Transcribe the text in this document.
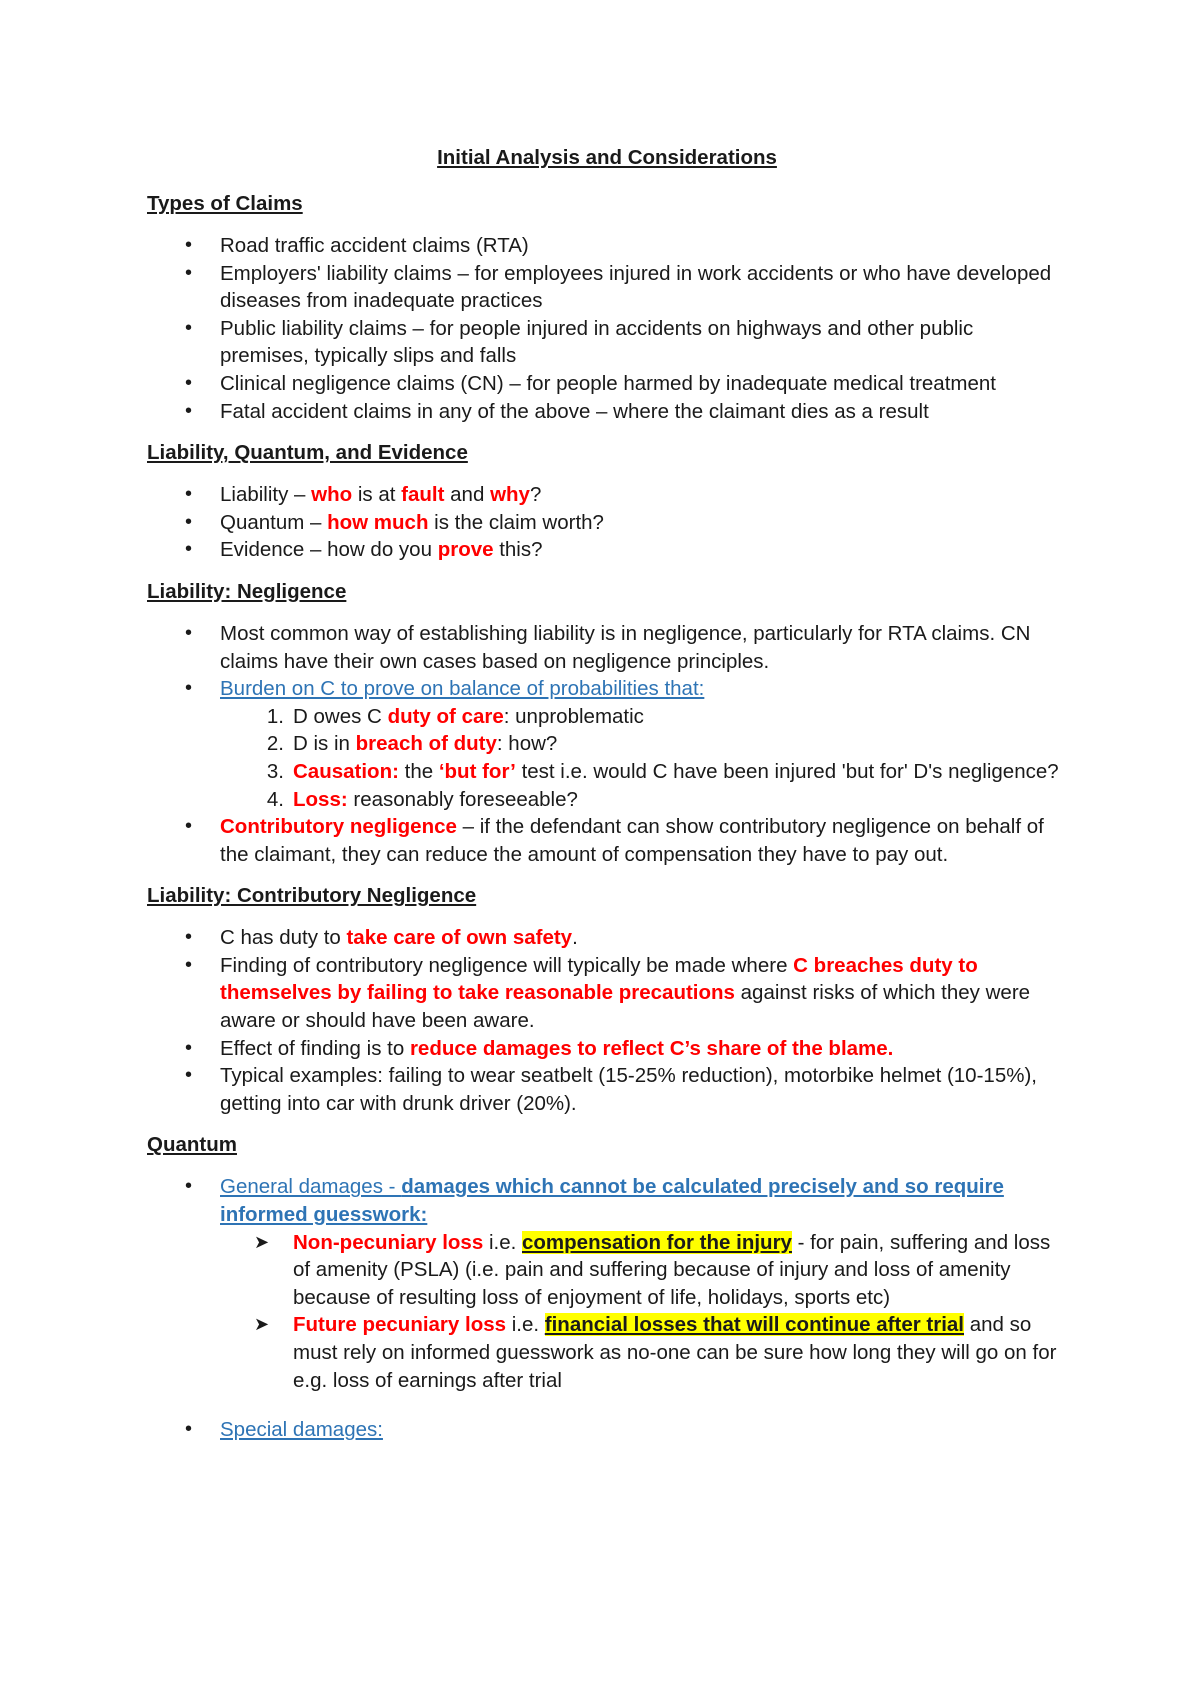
Initial Analysis and Considerations
Types of Claims
• Road traffic accident claims (RTA)
• Employers' liability claims – for employees injured in work accidents or who have developed diseases from inadequate practices
• Public liability claims – for people injured in accidents on highways and other public premises, typically slips and falls
• Clinical negligence claims (CN) – for people harmed by inadequate medical treatment
• Fatal accident claims in any of the above – where the claimant dies as a result
Liability, Quantum, and Evidence
• Liability – who is at fault and why?
• Quantum – how much is the claim worth?
• Evidence – how do you prove this?
Liability: Negligence
• Most common way of establishing liability is in negligence, particularly for RTA claims. CN claims have their own cases based on negligence principles.
• Burden on C to prove on balance of probabilities that:
1. D owes C duty of care: unproblematic
2. D is in breach of duty: how?
3. Causation: the ‘but for’ test i.e. would C have been injured 'but for' D's negligence?
4. Loss: reasonably foreseeable?
• Contributory negligence – if the defendant can show contributory negligence on behalf of the claimant, they can reduce the amount of compensation they have to pay out.
Liability: Contributory Negligence
• C has duty to take care of own safety.
• Finding of contributory negligence will typically be made where C breaches duty to themselves by failing to take reasonable precautions against risks of which they were aware or should have been aware.
• Effect of finding is to reduce damages to reflect C’s share of the blame.
• Typical examples: failing to wear seatbelt (15-25% reduction), motorbike helmet (10-15%), getting into car with drunk driver (20%).
Quantum
• General damages - damages which cannot be calculated precisely and so require informed guesswork:
➤ Non-pecuniary loss i.e. compensation for the injury - for pain, suffering and loss of amenity (PSLA) (i.e. pain and suffering because of injury and loss of amenity because of resulting loss of enjoyment of life, holidays, sports etc)
➤ Future pecuniary loss i.e. financial losses that will continue after trial and so must rely on informed guesswork as no-one can be sure how long they will go on for e.g. loss of earnings after trial
• Special damages:
